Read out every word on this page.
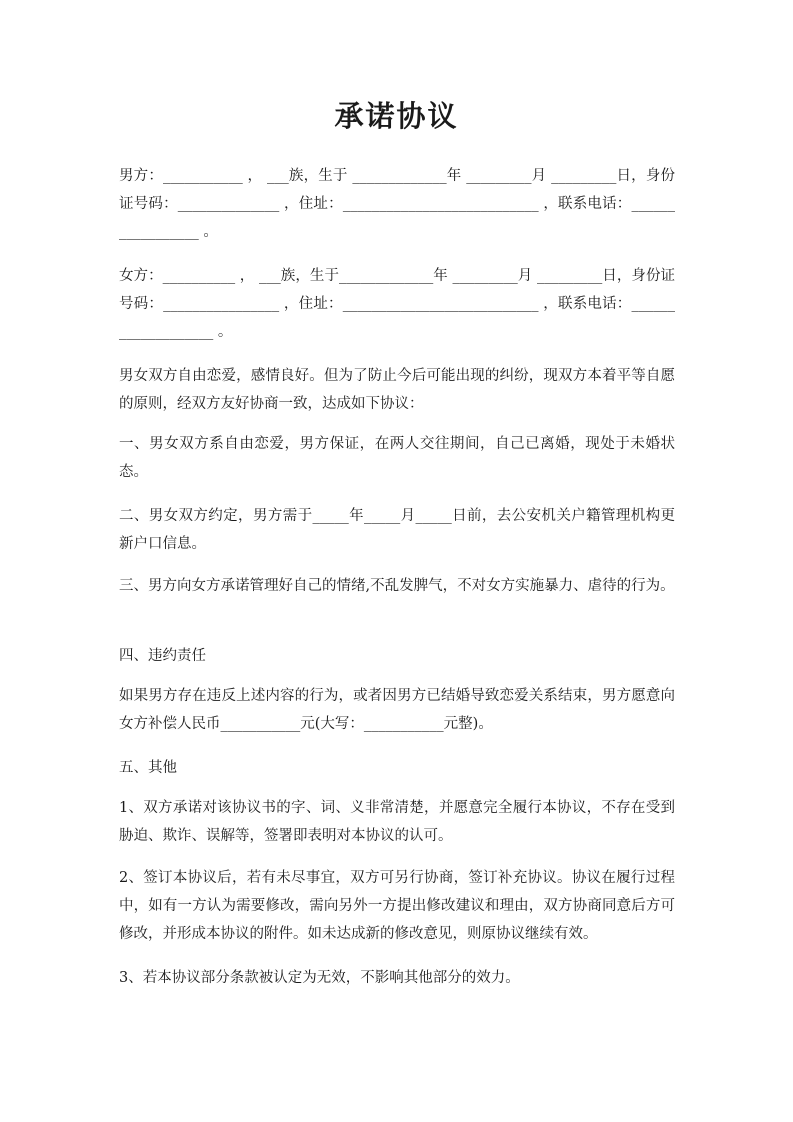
承诺协议
男方：___________ ， ___族，生于 _____________年 _________月 _________日，身份证号码：______________ ，住址：___________________________ ，联系电话：_________________ 。
女方：__________ ， ___族，生于_____________年 _________月 _________日，身份证号码：________________ ，住址：___________________________ ，联系电话：___________________ 。
男女双方自由恋爱，感情良好。但为了防止今后可能出现的纠纷，现双方本着平等自愿的原则，经双方友好协商一致，达成如下协议：
一、男女双方系自由恋爱，男方保证，在两人交往期间，自己已离婚，现处于未婚状态。
二、男女双方约定，男方需于_____年_____月_____日前，去公安机关户籍管理机构更新户口信息。
三、男方向女方承诺管理好自己的情绪,不乱发脾气，不对女方实施暴力、虐待的行为。
四、违约责任
如果男方存在违反上述内容的行为，或者因男方已结婚导致恋爱关系结束，男方愿意向女方补偿人民币___________元(大写：___________元整)。
五、其他
1、双方承诺对该协议书的字、词、义非常清楚，并愿意完全履行本协议，不存在受到胁迫、欺诈、误解等，签署即表明对本协议的认可。
2、签订本协议后，若有未尽事宜，双方可另行协商，签订补充协议。协议在履行过程中，如有一方认为需要修改，需向另外一方提出修改建议和理由，双方协商同意后方可修改，并形成本协议的附件。如未达成新的修改意见，则原协议继续有效。
3、若本协议部分条款被认定为无效，不影响其他部分的效力。
